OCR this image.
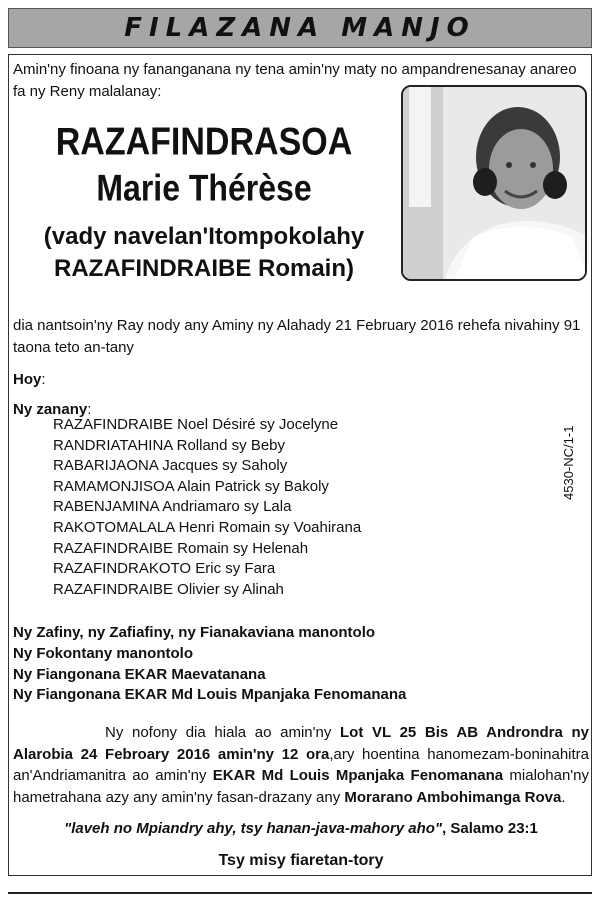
FILAZANA MANJO
Amin'ny finoana ny fananganana ny tena amin'ny maty no ampandrenesanay anareo fa ny Reny malalanay:
RAZAFINDRASOA
Marie Thérèse
(vady navelan'Itompokolahy
RAZAFINDRAIBE Romain)
dia nantsoin'ny Ray nody any Aminy ny Alahady 21 February 2016 rehefa nivahiny 91 taona teto an-tany
Hoy:
Ny zanany:
RAZAFINDRAIBE Noel Désiré sy Jocelyne
RANDRIATAHINA Rolland sy Beby
RABARIJAONA Jacques sy Saholy
RAMAMONJISOA Alain Patrick sy Bakoly
RABENJAMINA Andriamaro sy Lala
RAKOTOMALALA Henri Romain sy Voahirana
RAZAFINDRAIBE Romain sy Helenah
RAZAFINDRAKOTO Eric sy Fara
RAZAFINDRAIBE Olivier sy Alinah
4530-NC/1-1
Ny Zafiny, ny Zafiafiny, ny Fianakaviana manontolo
Ny Fokontany manontolo
Ny Fiangonana EKAR Maevatanana
Ny Fiangonana EKAR Md Louis Mpanjaka Fenomanana
Ny nofony dia hiala ao amin'ny Lot VL 25 Bis AB Androndra ny Alarobia 24 Febroary 2016 amin'ny 12 ora,ary hoentina hanomezam-boninahitra an'Andriamanitra ao amin'ny EKAR Md Louis Mpanjaka Fenomanana mialohan'ny hametrahana azy any amin'ny fasan-drazany any Morarano Ambohimanga Rova.
"laveh no Mpiandry ahy, tsy hanan-java-mahory aho", Salamo 23:1
Tsy misy fiaretan-tory
